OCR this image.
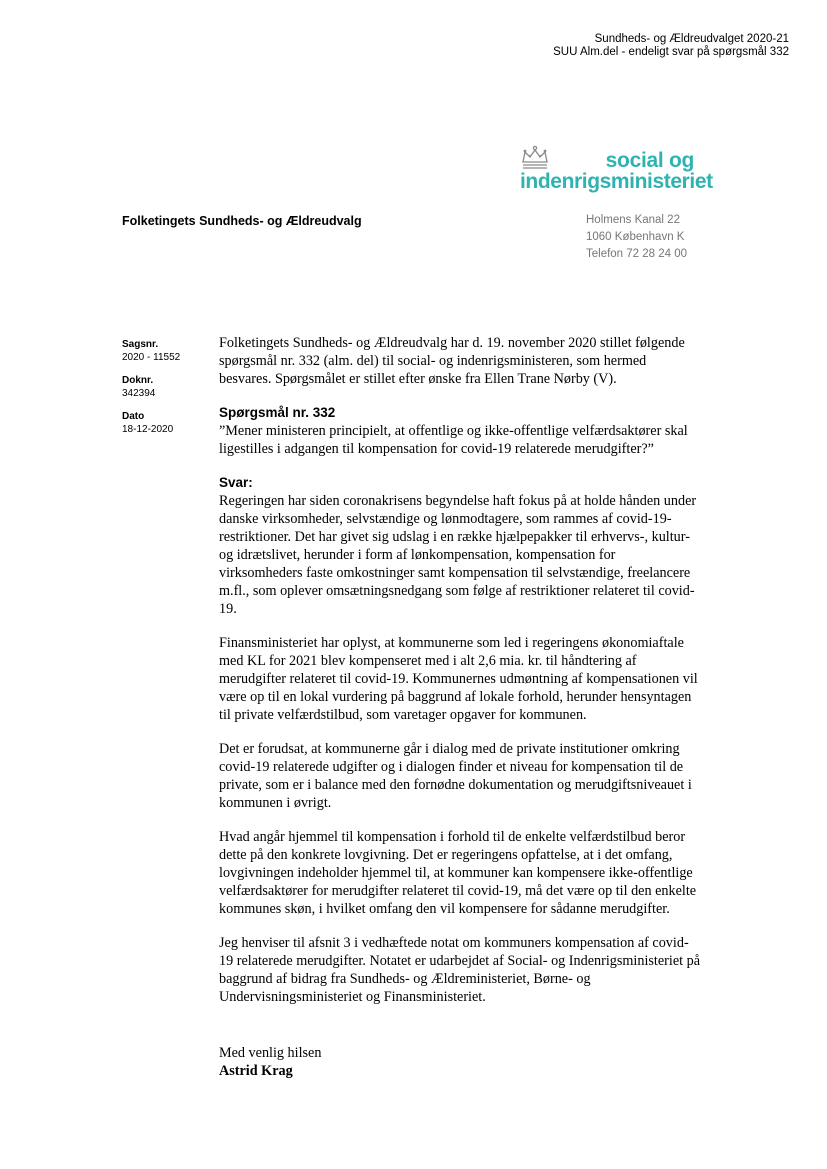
Sundheds- og Ældreudvalget 2020-21
SUU Alm.del - endeligt svar på spørgsmål 332
social og
indenrigsministeriet
Folketingets Sundheds- og Ældreudvalg	Holmens Kanal 22
1060 København K
Telefon 72 28 24 00
Sagsnr.
2020 - 11552
Doknr.
342394
Dato
18-12-2020

Folketingets Sundheds- og Ældreudvalg har d. 19. november 2020 stillet følgende spørgsmål nr. 332 (alm. del) til social- og indenrigsministeren, som hermed besvares. Spørgsmålet er stillet efter ønske fra Ellen Trane Nørby (V).

Spørgsmål nr. 332
”Mener ministeren principielt, at offentlige og ikke-offentlige velfærdsaktører skal ligestilles i adgangen til kompensation for covid-19 relaterede merudgifter?”

Svar:
Regeringen har siden coronakrisens begyndelse haft fokus på at holde hånden under danske virksomheder, selvstændige og lønmodtagere, som rammes af covid-19-restriktioner. Det har givet sig udslag i en række hjælpepakker til erhvervs-, kultur- og idrætslivet, herunder i form af lønkompensation, kompensation for virksomheders faste omkostninger samt kompensation til selvstændige, freelancere m.fl., som oplever omsætningsnedgang som følge af restriktioner relateret til covid-19.

Finansministeriet har oplyst, at kommunerne som led i regeringens økonomiaftale med KL for 2021 blev kompenseret med i alt 2,6 mia. kr. til håndtering af merudgifter relateret til covid-19. Kommunernes udmøntning af kompensationen vil være op til en lokal vurdering på baggrund af lokale forhold, herunder hensyntagen til private velfærdstilbud, som varetager opgaver for kommunen.

Det er forudsat, at kommunerne går i dialog med de private institutioner omkring covid-19 relaterede udgifter og i dialogen finder et niveau for kompensation til de private, som er i balance med den fornødne dokumentation og merudgiftsniveauet i kommunen i øvrigt.

Hvad angår hjemmel til kompensation i forhold til de enkelte velfærdstilbud beror dette på den konkrete lovgivning. Det er regeringens opfattelse, at i det omfang, lovgivningen indeholder hjemmel til, at kommuner kan kompensere ikke-offentlige velfærdsaktører for merudgifter relateret til covid-19, må det være op til den enkelte kommunes skøn, i hvilket omfang den vil kompensere for sådanne merudgifter.

Jeg henviser til afsnit 3 i vedhæftede notat om kommuners kompensation af covid-19 relaterede merudgifter. Notatet er udarbejdet af Social- og Indenrigsministeriet på baggrund af bidrag fra Sundheds- og Ældreministeriet, Børne- og Undervisningsministeriet og Finansministeriet.

Med venlig hilsen
Astrid Krag
